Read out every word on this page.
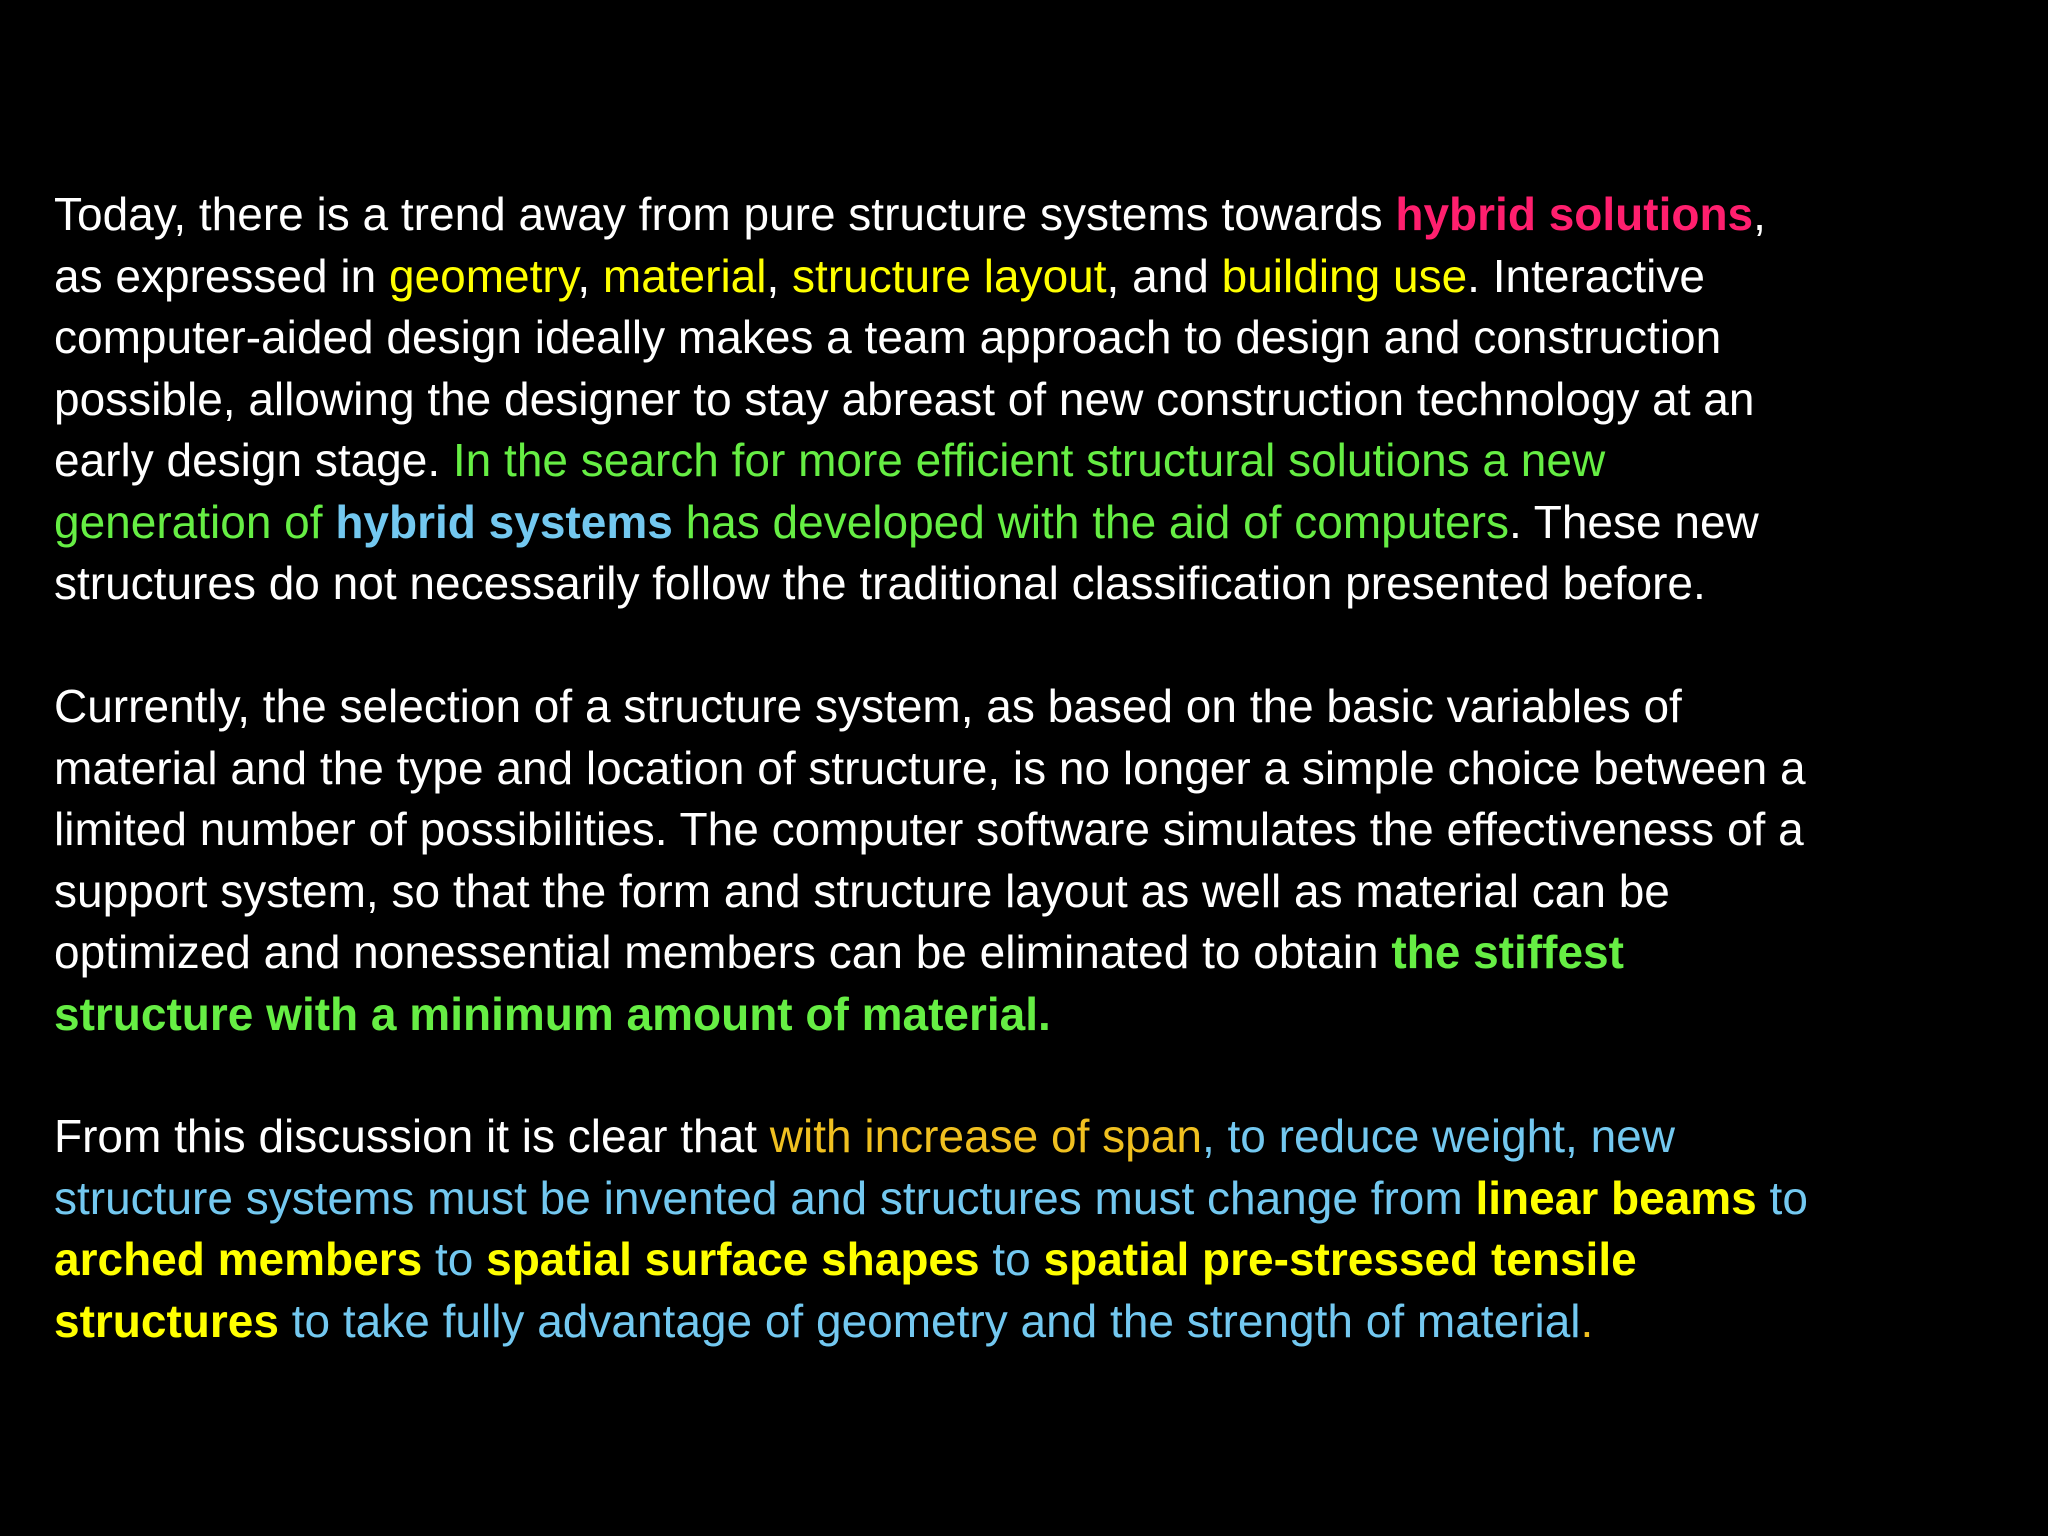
Today, there is a trend away from pure structure systems towards hybrid solutions,
as expressed in geometry, material, structure layout, and building use. Interactive
computer-aided design ideally makes a team approach to design and construction
possible, allowing the designer to stay abreast of new construction technology at an
early design stage. In the search for more efficient structural solutions a new
generation of hybrid systems has developed with the aid of computers. These new
structures do not necessarily follow the traditional classification presented before.
Currently, the selection of a structure system, as based on the basic variables of
material and the type and location of structure, is no longer a simple choice between a
limited number of possibilities. The computer software simulates the effectiveness of a
support system, so that the form and structure layout as well as material can be
optimized and nonessential members can be eliminated to obtain the stiffest
structure with a minimum amount of material.
From this discussion it is clear that with increase of span, to reduce weight, new
structure systems must be invented and structures must change from linear beams to
arched members to spatial surface shapes to spatial pre-stressed tensile
structures to take fully advantage of geometry and the strength of material.
